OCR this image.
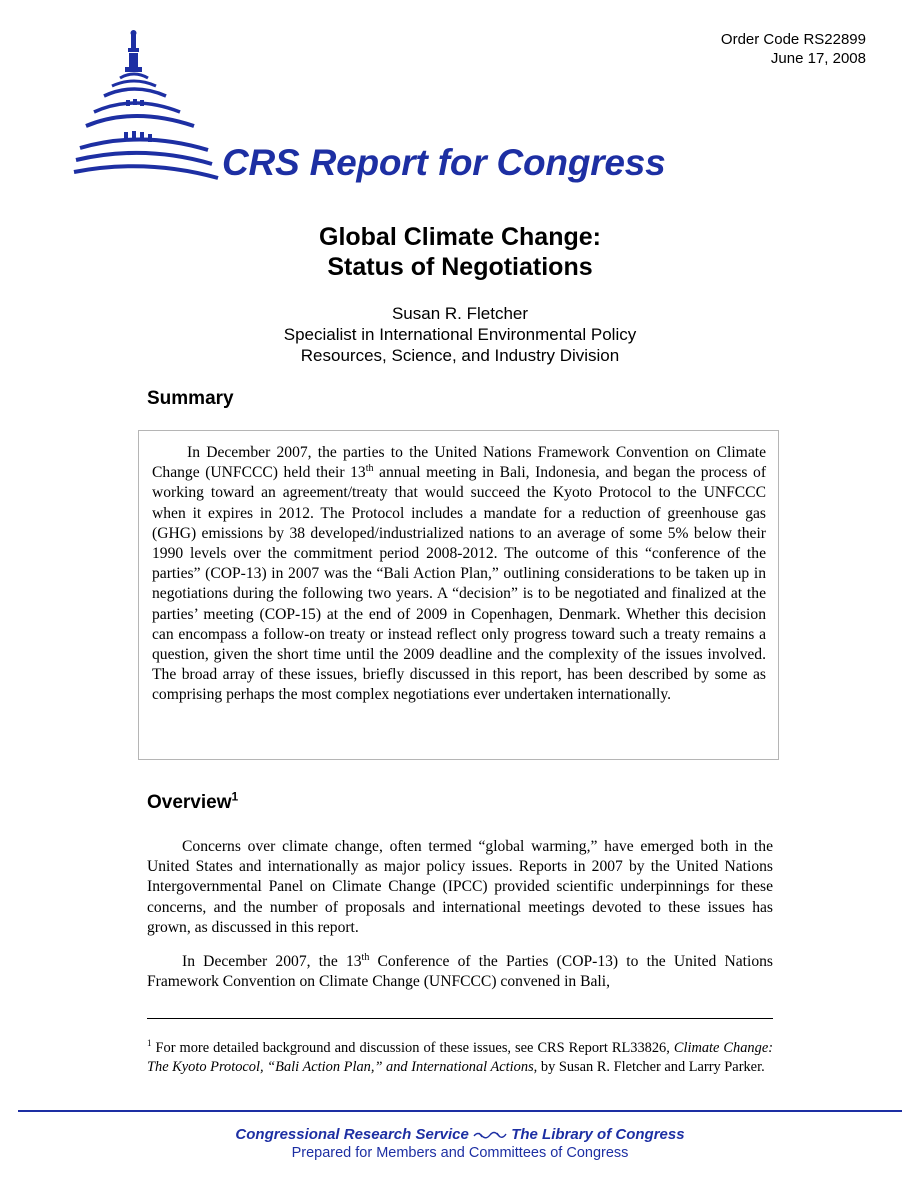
Order Code RS22899
June 17, 2008
CRS Report for Congress
Global Climate Change:
Status of Negotiations
Susan R. Fletcher
Specialist in International Environmental Policy
Resources, Science, and Industry Division
Summary

In December 2007, the parties to the United Nations Framework Convention on Climate Change (UNFCCC) held their 13th annual meeting in Bali, Indonesia, and began the process of working toward an agreement/treaty that would succeed the Kyoto Protocol to the UNFCCC when it expires in 2012. The Protocol includes a mandate for a reduction of greenhouse gas (GHG) emissions by 38 developed/industrialized nations to an average of some 5% below their 1990 levels over the commitment period 2008-2012. The outcome of this “conference of the parties” (COP-13) in 2007 was the “Bali Action Plan,” outlining considerations to be taken up in negotiations during the following two years. A “decision” is to be negotiated and finalized at the parties’ meeting (COP-15) at the end of 2009 in Copenhagen, Denmark. Whether this decision can encompass a follow-on treaty or instead reflect only progress toward such a treaty remains a question, given the short time until the 2009 deadline and the complexity of the issues involved. The broad array of these issues, briefly discussed in this report, has been described by some as comprising perhaps the most complex negotiations ever undertaken internationally.

Overview$^1$

Concerns over climate change, often termed “global warming,” have emerged both in the United States and internationally as major policy issues. Reports in 2007 by the United Nations Intergovernmental Panel on Climate Change (IPCC) provided scientific underpinnings for these concerns, and the number of proposals and international meetings devoted to these issues has grown, as discussed in this report.

In December 2007, the 13th Conference of the Parties (COP-13) to the United Nations Framework Convention on Climate Change (UNFCCC) convened in Bali,

$^1$ For more detailed background and discussion of these issues, see CRS Report RL33826, Climate Change: The Kyoto Protocol, “Bali Action Plan,” and International Actions, by Susan R. Fletcher and Larry Parker.
Congressional Research Service	The Library of Congress
Prepared for Members and Committees of Congress
